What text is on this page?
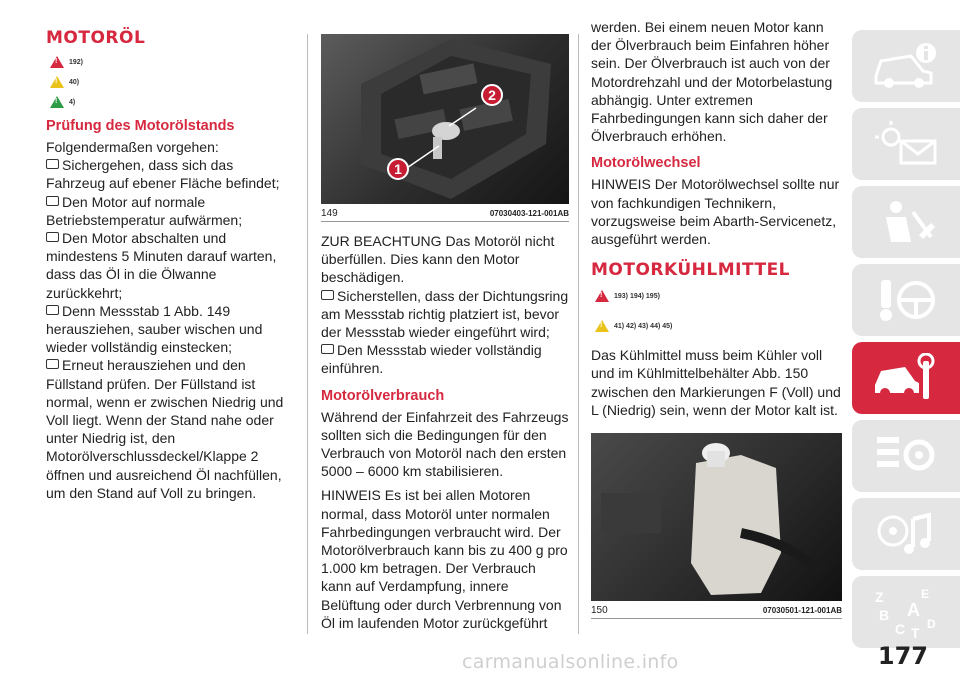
MOTORÖL
!
192)
!
40)
!
4)
Prüfung des Motorölstands

Folgendermaßen vorgehen:

Sichergehen, dass sich das Fahrzeug auf ebener Fläche befindet;

Den Motor auf normale Betriebstemperatur aufwärmen;

Den Motor abschalten und mindestens 5 Minuten darauf warten, dass das Öl in die Ölwanne zurückkehrt;

Denn Messstab 1 Abb. 149 herausziehen, sauber wischen und wieder vollständig einstecken;

Erneut herausziehen und den Füllstand prüfen. Der Füllstand ist normal, wenn er zwischen Niedrig und Voll liegt. Wenn der Stand nahe oder unter Niedrig ist, den Motorölverschlussdeckel/Klappe 2 öffnen und ausreichend Öl nachfüllen, um den Stand auf Voll zu bringen.

1
2
149	07030403-121-001AB

ZUR BEACHTUNG Das Motoröl nicht überfüllen. Dies kann den Motor beschädigen.

Sicherstellen, dass der Dichtungsring am Messstab richtig platziert ist, bevor der Messstab wieder eingeführt wird;

Den Messstab wieder vollständig einführen.

Motorölverbrauch

Während der Einfahrzeit des Fahrzeugs sollten sich die Bedingungen für den Verbrauch von Motoröl nach den ersten 5000 – 6000 km stabilisieren.

HINWEIS Es ist bei allen Motoren normal, dass Motoröl unter normalen Fahrbedingungen verbraucht wird. Der Motorölverbrauch kann bis zu 400 g pro 1.000 km betragen. Der Verbrauch kann auf Verdampfung, innere Belüftung oder durch Verbrennung von Öl im laufenden Motor zurückgeführt

werden. Bei einem neuen Motor kann der Ölverbrauch beim Einfahren höher sein. Der Ölverbrauch ist auch von der Motordrehzahl und der Motorbelastung abhängig. Unter extremen Fahrbedingungen kann sich daher der Ölverbrauch erhöhen.

Motorölwechsel

HINWEIS Der Motorölwechsel sollte nur von fachkundigen Technikern, vorzugsweise beim Abarth-Servicenetz, ausgeführt werden.

MOTORKÜHLMITTEL
!
193) 194) 195)
!
41) 42) 43) 44) 45)

Das Kühlmittel muss beim Kühler voll und im Kühlmittelbehälter Abb. 150 zwischen den Markierungen F (Voll) und L (Niedrig) sein, wenn der Motor kalt ist.

150	07030501-121-001AB
Z
B
E
A
C T
D
carmanualsonline.info	177
